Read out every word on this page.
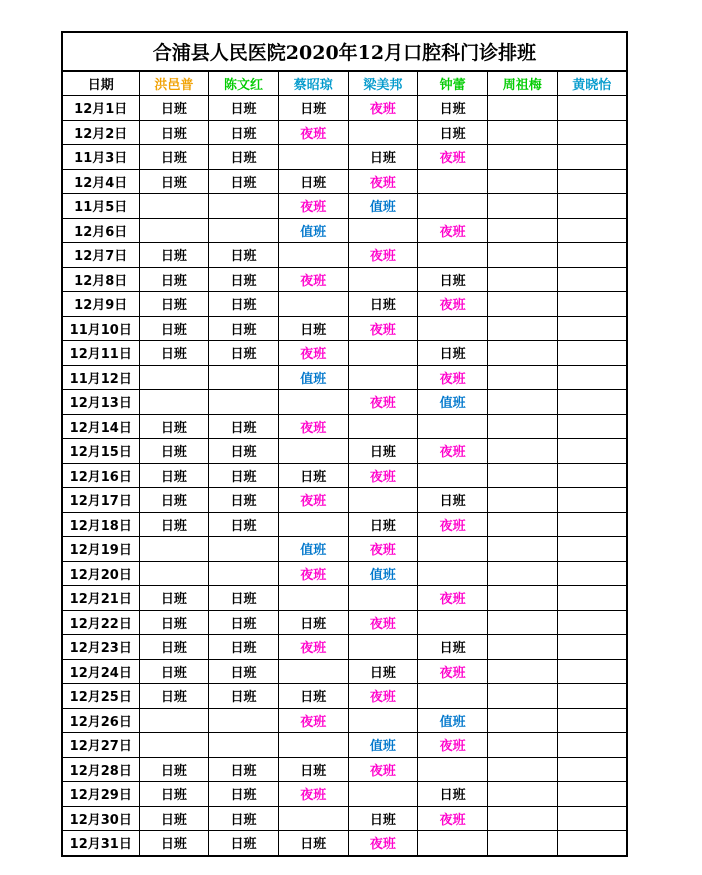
合浦县人民医院2020年12月口腔科门诊排班							
日期	洪邑普	陈文红	蔡昭琼	梁美邦	钟蕾	周祖梅	黄晓怡
12月1日	日班	日班	日班	夜班	日班		
12月2日	日班	日班	夜班		日班		
11月3日	日班	日班		日班	夜班		
12月4日	日班	日班	日班	夜班			
11月5日			夜班	值班			
12月6日			值班		夜班		
12月7日	日班	日班		夜班			
12月8日	日班	日班	夜班		日班		
12月9日	日班	日班		日班	夜班		
11月10日	日班	日班	日班	夜班			
12月11日	日班	日班	夜班		日班		
11月12日			值班		夜班		
12月13日				夜班	值班		
12月14日	日班	日班	夜班				
12月15日	日班	日班		日班	夜班		
12月16日	日班	日班	日班	夜班			
12月17日	日班	日班	夜班		日班		
12月18日	日班	日班		日班	夜班		
12月19日			值班	夜班			
12月20日			夜班	值班			
12月21日	日班	日班			夜班		
12月22日	日班	日班	日班	夜班			
12月23日	日班	日班	夜班		日班		
12月24日	日班	日班		日班	夜班		
12月25日	日班	日班	日班	夜班			
12月26日			夜班		值班		
12月27日				值班	夜班		
12月28日	日班	日班	日班	夜班			
12月29日	日班	日班	夜班		日班		
12月30日	日班	日班		日班	夜班		
12月31日	日班	日班	日班	夜班			
